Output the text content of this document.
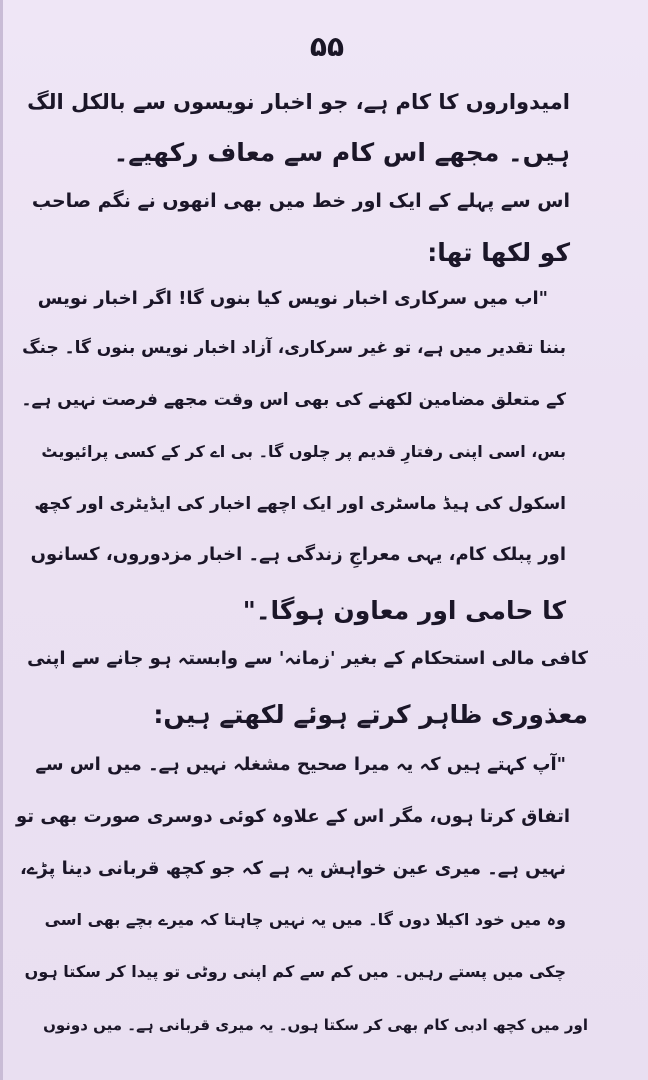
۵۵
امیدواروں کا کام ہے، جو اخبار نویسوں سے بالکل الگ
ہیں۔ مجھے اس کام سے معاف رکھیے۔
اس سے پہلے کے ایک اور خط میں بھی انھوں نے نگم صاحب
کو لکھا تھا:
"اب میں سرکاری اخبار نویس کیا بنوں گا! اگر اخبار نویس
بننا تقدیر میں ہے، تو غیر سرکاری، آزاد اخبار نویس بنوں گا۔ جنگ
کے متعلق مضامین لکھنے کی بھی اس وقت مجھے فرصت نہیں ہے۔
بس، اسی اپنی رفتارِ قدیم پر چلوں گا۔ بی اے کر کے کسی پرائیویٹ
اسکول کی ہیڈ ماسٹری اور ایک اچھے اخبار کی ایڈیٹری اور کچھ
اور پبلک کام، یہی معراجِ زندگی ہے۔ اخبار مزدوروں، کسانوں
کا حامی اور معاون ہوگا۔"
کافی مالی استحکام کے بغیر 'زمانہ' سے وابستہ ہو جانے سے اپنی
معذوری ظاہر کرتے ہوئے لکھتے ہیں:
"آپ کہتے ہیں کہ یہ میرا صحیح مشغلہ نہیں ہے۔ میں اس سے
اتفاق کرتا ہوں، مگر اس کے علاوہ کوئی دوسری صورت بھی تو
نہیں ہے۔ میری عین خواہش یہ ہے کہ جو کچھ قربانی دینا پڑے،
وہ میں خود اکیلا دوں گا۔ میں یہ نہیں چاہتا کہ میرے بچے بھی اسی
چکی میں پستے رہیں۔ میں کم سے کم اپنی روٹی تو پیدا کر سکتا ہوں
اور میں کچھ ادبی کام بھی کر سکتا ہوں۔ یہ میری قربانی ہے۔ میں دونوں
